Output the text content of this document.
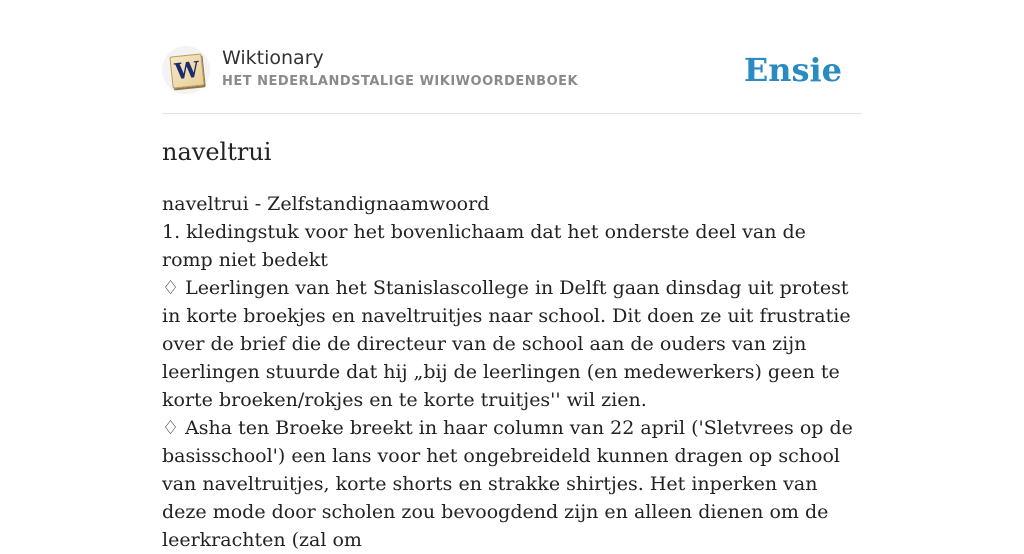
W Wiktionary
HET NEDERLANDSTALIGE WIKIWOORDENBOEK	Ensie
naveltrui

naveltrui - Zelfstandignaamwoord

1. kledingstuk voor het bovenlichaam dat het onderste deel van de romp niet bedekt

♢ Leerlingen van het Stanislascollege in Delft gaan dinsdag uit protest in korte broekjes en naveltruitjes naar school. Dit doen ze uit frustratie over de brief die de directeur van de school aan de ouders van zijn leerlingen stuurde dat hij „bij de leerlingen (en medewerkers) geen te korte broeken/rokjes en te korte truitjes'' wil zien.

♢ Asha ten Broeke breekt in haar column van 22 april ('Sletvrees op de basisschool') een lans voor het ongebreideld kunnen dragen op school van naveltruitjes, korte shorts en strakke shirtjes. Het inperken van deze mode door scholen zou bevoogdend zijn en alleen dienen om de leerkrachten (zal om
